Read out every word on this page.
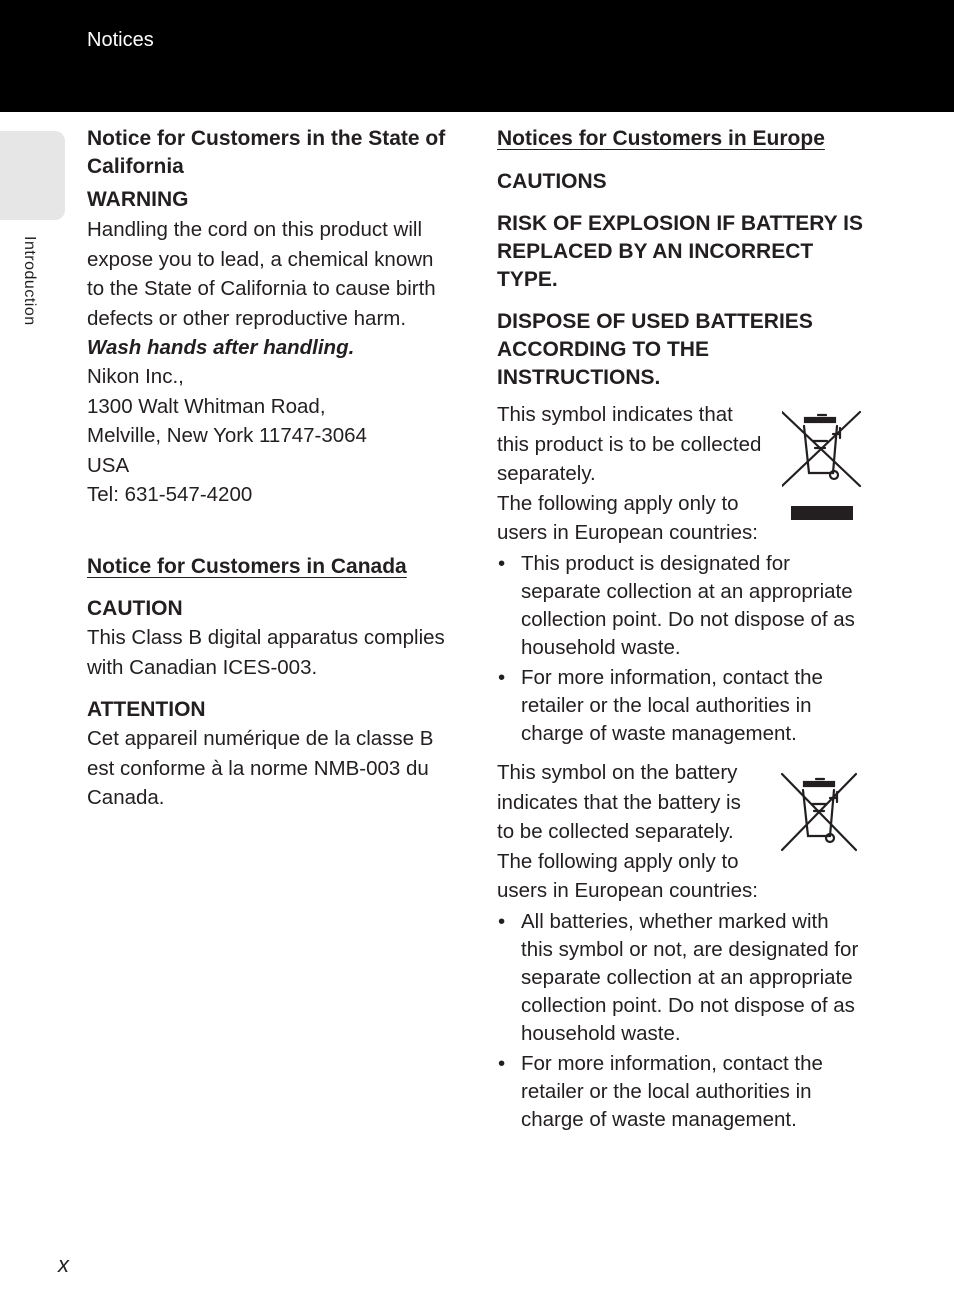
Notices
Introduction
Notice for Customers in the State of
California
WARNING
Handling the cord on this product will
expose you to lead, a chemical known
to the State of California to cause birth
defects or other reproductive harm.
Wash hands after handling.
Nikon Inc.,
1300 Walt Whitman Road,
Melville, New York 11747-3064
USA
Tel: 631-547-4200
Notice for Customers in Canada
CAUTION
This Class B digital apparatus complies
with Canadian ICES-003.
ATTENTION
Cet appareil numérique de la classe B
est conforme à la norme NMB-003 du
Canada.
Notices for Customers in Europe
CAUTIONS
RISK OF EXPLOSION IF BATTERY IS
REPLACED BY AN INCORRECT
TYPE.
DISPOSE OF USED BATTERIES
ACCORDING TO THE
INSTRUCTIONS.
This symbol indicates that
this product is to be collected
separately.
The following apply only to
users in European countries:
• This product is designated for
separate collection at an appropriate
collection point. Do not dispose of as
household waste.
• For more information, contact the
retailer or the local authorities in
charge of waste management.
This symbol on the battery
indicates that the battery is
to be collected separately.
The following apply only to
users in European countries:
• All batteries, whether marked with
this symbol or not, are designated for
separate collection at an appropriate
collection point. Do not dispose of as
household waste.
• For more information, contact the
retailer or the local authorities in
charge of waste management.
x
